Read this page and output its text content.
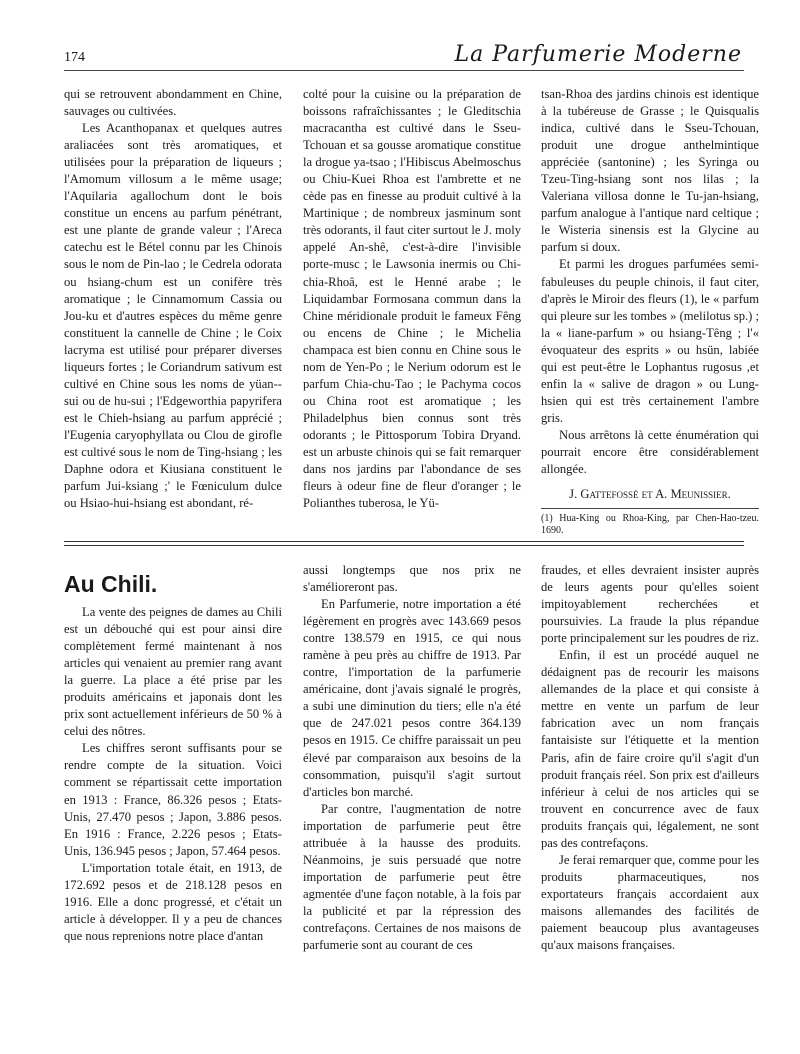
174	La Parfumerie Moderne

qui se retrouvent abondamment en Chine, sauvages ou cultivées.

Les Acanthopanax et quelques autres araliacées sont très aromatiques, et utilisées pour la préparation de liqueurs ; l'Amomum villosum a le même usage; l'Aquilaria agallochum dont le bois constitue un encens au parfum pénétrant, est une plante de grande valeur ; l'Areca catechu est le Bétel connu par les Chinois sous le nom de Pin-lao ; le Cedrela odorata ou hsiang-chum est un conifère très aromatique ; le Cinnamomum Cassia ou Jou-ku et d'autres espèces du même genre constituent la cannelle de Chine ; le Coix lacryma est utilisé pour préparer diverses liqueurs fortes ; le Coriandrum sativum est cultivé en Chine sous les noms de yüan--sui ou de hu-sui ; l'Edgeworthia papyrifera est le Chieh-hsiang au parfum apprécié ; l'Eugenia caryophyllata ou Clou de girofle est cultivé sous le nom de Ting-hsiang ; les Daphne odora et Kiusiana constituent le parfum Jui-ksiang ;' le Fœniculum dulce ou Hsiao-hui-hsiang est abondant, ré-

colté pour la cuisine ou la préparation de boissons rafraîchissantes ; le Gleditschia macracantha est cultivé dans le Sseu-Tchouan et sa gousse aromatique constitue la drogue ya-tsao ; l'Hibiscus Abelmoschus ou Chiu-Kuei Rhoa est l'ambrette et ne cède pas en finesse au produit cultivé à la Martinique ; de nombreux jasminum sont très odorants, il faut citer surtout le J. moly appelé An-shê, c'est-à-dire l'invisible porte-musc ; le Lawsonia inermis ou Chi-chia-Rhoâ, est le Henné arabe ; le Liquidambar Formosana commun dans la Chine méridionale produit le fameux Fêng ou encens de Chine ; le Michelia champaca est bien connu en Chine sous le nom de Yen-Po ; le Nerium odorum est le parfum Chia-chu-Tao ; le Pachyma cocos ou China root est aromatique ; les Philadelphus bien connus sont très odorants ; le Pittosporum Tobira Dryand. est un arbuste chinois qui se fait remarquer dans nos jardins par l'abondance de ses fleurs à odeur fine de fleur d'oranger ; le Polianthes tuberosa, le Yü-

tsan-Rhoa des jardins chinois est identique à la tubéreuse de Grasse ; le Quisqualis indica, cultivé dans le Sseu-Tchouan, produit une drogue anthelmintique appréciée (santonine) ; les Syringa ou Tzeu-Ting-hsiang sont nos lilas ; la Valeriana villosa donne le Tu-jan-hsiang, parfum analogue à l'antique nard celtique ; le Wisteria sinensis est la Glycine au parfum si doux.

Et parmi les drogues parfumées semi-fabuleuses du peuple chinois, il faut citer, d'après le Miroir des fleurs (1), le « parfum qui pleure sur les tombes » (melilotus sp.) ; la « liane-parfum » ou hsiang-Têng ; l'« évoquateur des esprits » ou hsün, labiée qui est peut-être le Lophantus rugosus ,et enfin la « salive de dragon » ou Lung-hsien qui est très certainement l'ambre gris.

Nous arrêtons là cette énumération qui pourrait encore être considérablement allongée.

J. Gattefossé et A. Meunissier.

(1) Hua-King ou Rhoa-King, par Chen-Hao-tzeu. 1690.
Au Chili.

La vente des peignes de dames au Chili est un débouché qui est pour ainsi dire complètement fermé maintenant à nos articles qui venaient au premier rang avant la guerre. La place a été prise par les produits américains et japonais dont les prix sont actuellement inférieurs de 50 % à celui des nôtres.

Les chiffres seront suffisants pour se rendre compte de la situation. Voici comment se répartissait cette importation en 1913 : France, 86.326 pesos ; Etats-Unis, 27.470 pesos ; Japon, 3.886 pesos. En 1916 : France, 2.226 pesos ; Etats-Unis, 136.945 pesos ; Japon, 57.464 pesos.

L'importation totale était, en 1913, de 172.692 pesos et de 218.128 pesos en 1916. Elle a donc progressé, et c'était un article à développer. Il y a peu de chances que nous reprenions notre place d'antan

aussi longtemps que nos prix ne s'amélioreront pas.

En Parfumerie, notre importation a été légèrement en progrès avec 143.669 pesos contre 138.579 en 1915, ce qui nous ramène à peu près au chiffre de 1913. Par contre, l'importation de la parfumerie américaine, dont j'avais signalé le progrès, a subi une diminution du tiers; elle n'a été que de 247.021 pesos contre 364.139 pesos en 1915. Ce chiffre paraissait un peu élevé par comparaison aux besoins de la consommation, puisqu'il s'agit surtout d'articles bon marché.

Par contre, l'augmentation de notre importation de parfumerie peut être attribuée à la hausse des produits. Néanmoins, je suis persuadé que notre importation de parfumerie peut être agmentée d'une façon notable, à la fois par la publicité et par la répression des contrefaçons. Certaines de nos maisons de parfumerie sont au courant de ces

fraudes, et elles devraient insister auprès de leurs agents pour qu'elles soient impitoyablement recherchées et poursuivies. La fraude la plus répandue porte principalement sur les poudres de riz.

Enfin, il est un procédé auquel ne dédaignent pas de recourir les maisons allemandes de la place et qui consiste à mettre en vente un parfum de leur fabrication avec un nom français fantaisiste sur l'étiquette et la mention Paris, afin de faire croire qu'il s'agit d'un produit français réel. Son prix est d'ailleurs inférieur à celui de nos articles qui se trouvent en concurrence avec de faux produits français qui, légalement, ne sont pas des contrefaçons.

Je ferai remarquer que, comme pour les produits pharmaceutiques, nos exportateurs français accordaient aux maisons allemandes des facilités de paiement beaucoup plus avantageuses qu'aux maisons françaises.
